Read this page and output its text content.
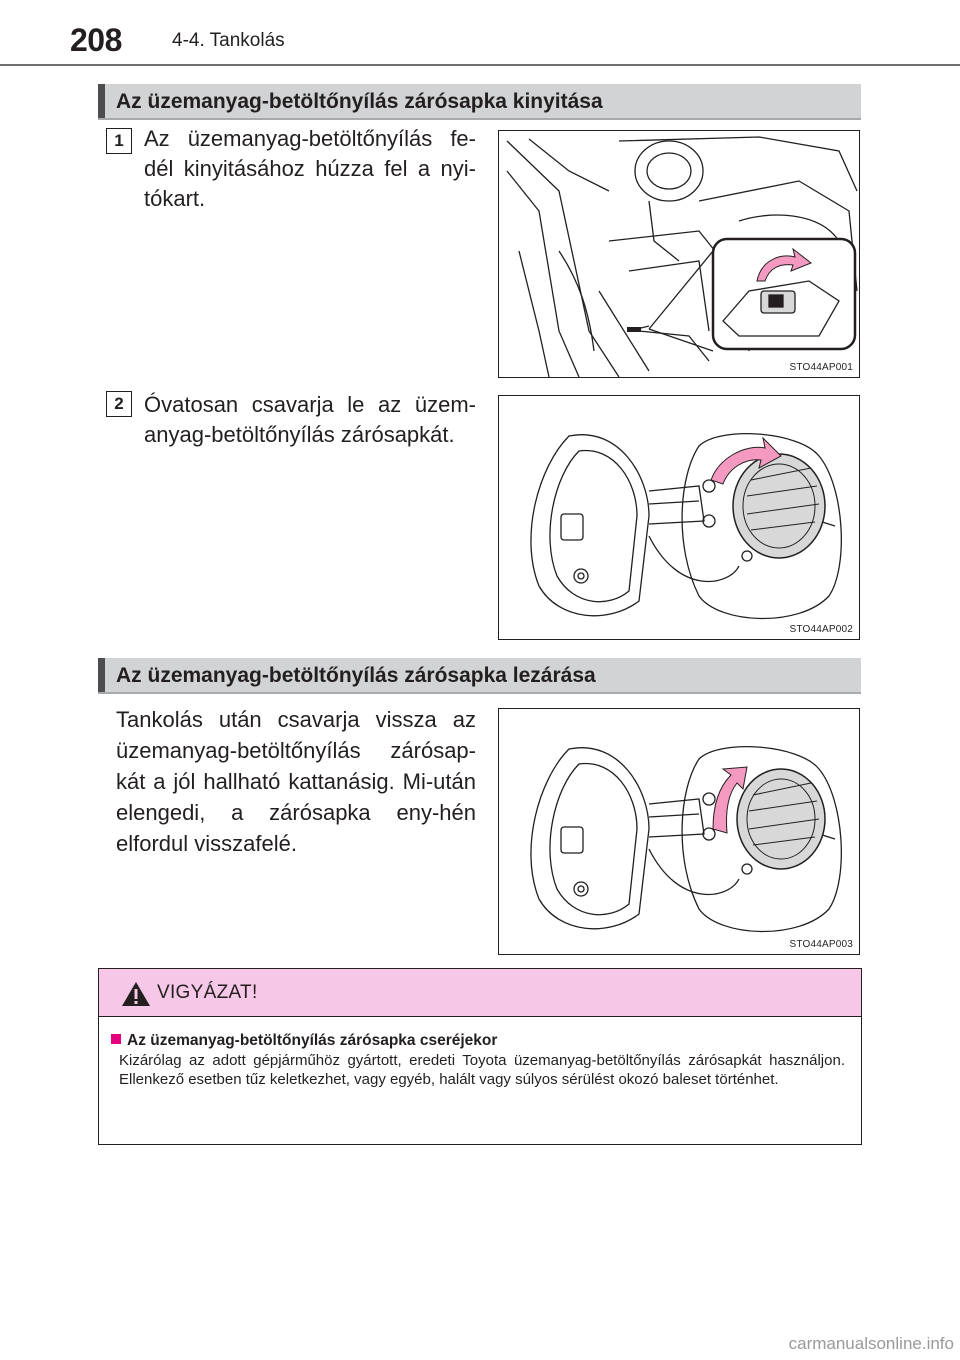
208	4-4. Tankolás
Az üzemanyag-betöltőnyílás zárósapka kinyitása
1 Az üzemanyag-betöltőnyílás fe-dél kinyitásához húzza fel a nyi-tókart.
STO44AP001
2 Óvatosan csavarja le az üzem-anyag-betöltőnyílás zárósapkát.
STO44AP002
Az üzemanyag-betöltőnyílás zárósapka lezárása
Tankolás után csavarja vissza az üzemanyag-betöltőnyílás zárósap-kát a jól hallható kattanásig. Mi-után elengedi, a zárósapka eny-hén elfordul visszafelé.
STO44AP003
VIGYÁZAT!
Az üzemanyag-betöltőnyílás zárósapka cseréjekor
Kizárólag az adott gépjárműhöz gyártott, eredeti Toyota üzemanyag-betöltőnyílás zárósapkát használjon. Ellenkező esetben tűz keletkezhet, vagy egyéb, halált vagy súlyos sérülést okozó baleset történhet.
carmanualsonline.info
